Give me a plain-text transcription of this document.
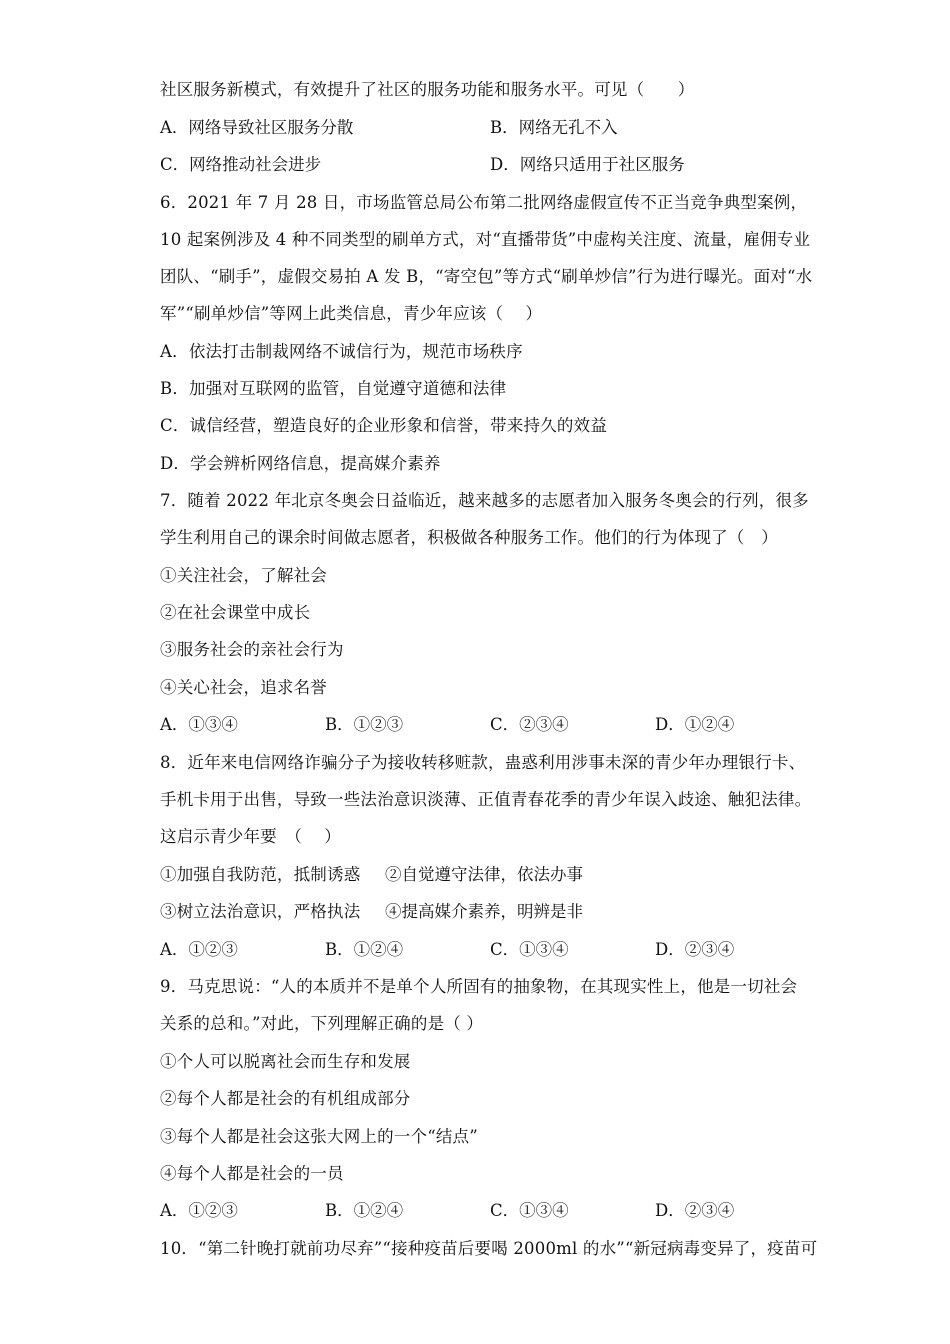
社区服务新模式，有效提升了社区的服务功能和服务水平。可见（　　）
A．网络导致社区服务分散	B．网络无孔不入
C．网络推动社会进步	D．网络只适用于社区服务
6．2021 年 7 月 28 日，市场监管总局公布第二批网络虚假宣传不正当竞争典型案例，
10 起案例涉及 4 种不同类型的刷单方式，对“直播带货”中虚构关注度、流量，雇佣专业
团队、“刷手”，虚假交易拍 A 发 B，“寄空包”等方式“刷单炒信”行为进行曝光。面对“水
军”“刷单炒信”等网上此类信息，青少年应该（　 ）
A．依法打击制裁网络不诚信行为，规范市场秩序
B．加强对互联网的监管，自觉遵守道德和法律
C．诚信经营，塑造良好的企业形象和信誉，带来持久的效益
D．学会辨析网络信息，提高媒介素养
7．随着 2022 年北京冬奥会日益临近，越来越多的志愿者加入服务冬奥会的行列，很多
学生利用自己的课余时间做志愿者，积极做各种服务工作。他们的行为体现了（　）
①关注社会，了解社会
②在社会课堂中成长
③服务社会的亲社会行为
④关心社会，追求名誉
A．①③④	B．①②③	C．②③④	D．①②④
8．近年来电信网络诈骗分子为接收转移赃款，蛊惑利用涉事未深的青少年办理银行卡、
手机卡用于出售，导致一些法治意识淡薄、正值青春花季的青少年误入歧途、触犯法律。
这启示青少年要　（　 ）
①加强自我防范，抵制诱惑 ②自觉遵守法律，依法办事
③树立法治意识，严格执法 ④提高媒介素养，明辨是非
A．①②③	B．①②④	C．①③④	D．②③④
9．马克思说：“人的本质并不是单个人所固有的抽象物，在其现实性上，他是一切社会
关系的总和。”对此，下列理解正确的是（ ）
①个人可以脱离社会而生存和发展
②每个人都是社会的有机组成部分
③每个人都是社会这张大网上的一个“结点”
④每个人都是社会的一员
A．①②③	B．①②④	C．①③④	D．②③④
10．“第二针晚打就前功尽弃”“接种疫苗后要喝 2000ml 的水”“新冠病毒变异了，疫苗可
